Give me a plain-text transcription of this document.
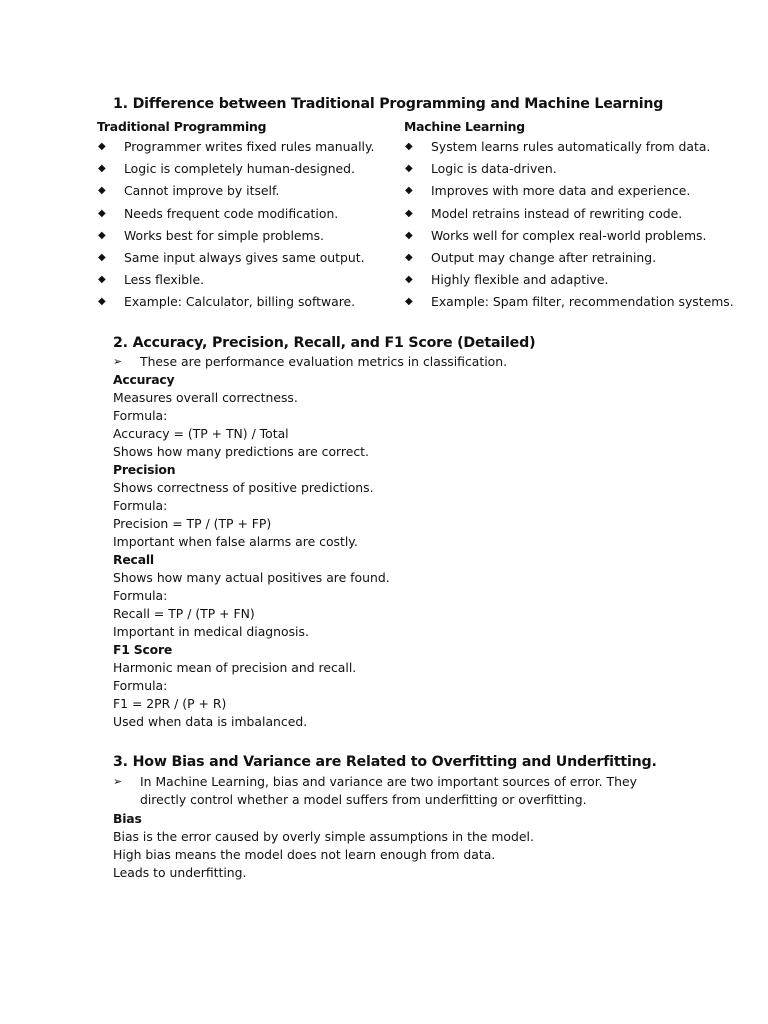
1. Difference between Traditional Programming and Machine Learning
Traditional Programming	Machine Learning
◆ Programmer writes fixed rules manually.
◆ Logic is completely human-designed.
◆ Cannot improve by itself.
◆ Needs frequent code modification.
◆ Works best for simple problems.
◆ Same input always gives same output.
◆ Less flexible.
◆ Example: Calculator, billing software.
◆ System learns rules automatically from data.
◆ Logic is data-driven.
◆ Improves with more data and experience.
◆ Model retrains instead of rewriting code.
◆ Works well for complex real-world problems.
◆ Output may change after retraining.
◆ Highly flexible and adaptive.
◆ Example: Spam filter, recommendation systems.
2. Accuracy, Precision, Recall, and F1 Score (Detailed)
➢ These are performance evaluation metrics in classification.
Accuracy
Measures overall correctness.
Formula:
Accuracy = (TP + TN) / Total
Shows how many predictions are correct.
Precision
Shows correctness of positive predictions.
Formula:
Precision = TP / (TP + FP)
Important when false alarms are costly.
Recall
Shows how many actual positives are found.
Formula:
Recall = TP / (TP + FN)
Important in medical diagnosis.
F1 Score
Harmonic mean of precision and recall.
Formula:
F1 = 2PR / (P + R)
Used when data is imbalanced.
3. How Bias and Variance are Related to Overfitting and Underfitting.
➢ In Machine Learning, bias and variance are two important sources of error. They
directly control whether a model suffers from underfitting or overfitting.
Bias
Bias is the error caused by overly simple assumptions in the model.
High bias means the model does not learn enough from data.
Leads to underfitting.
